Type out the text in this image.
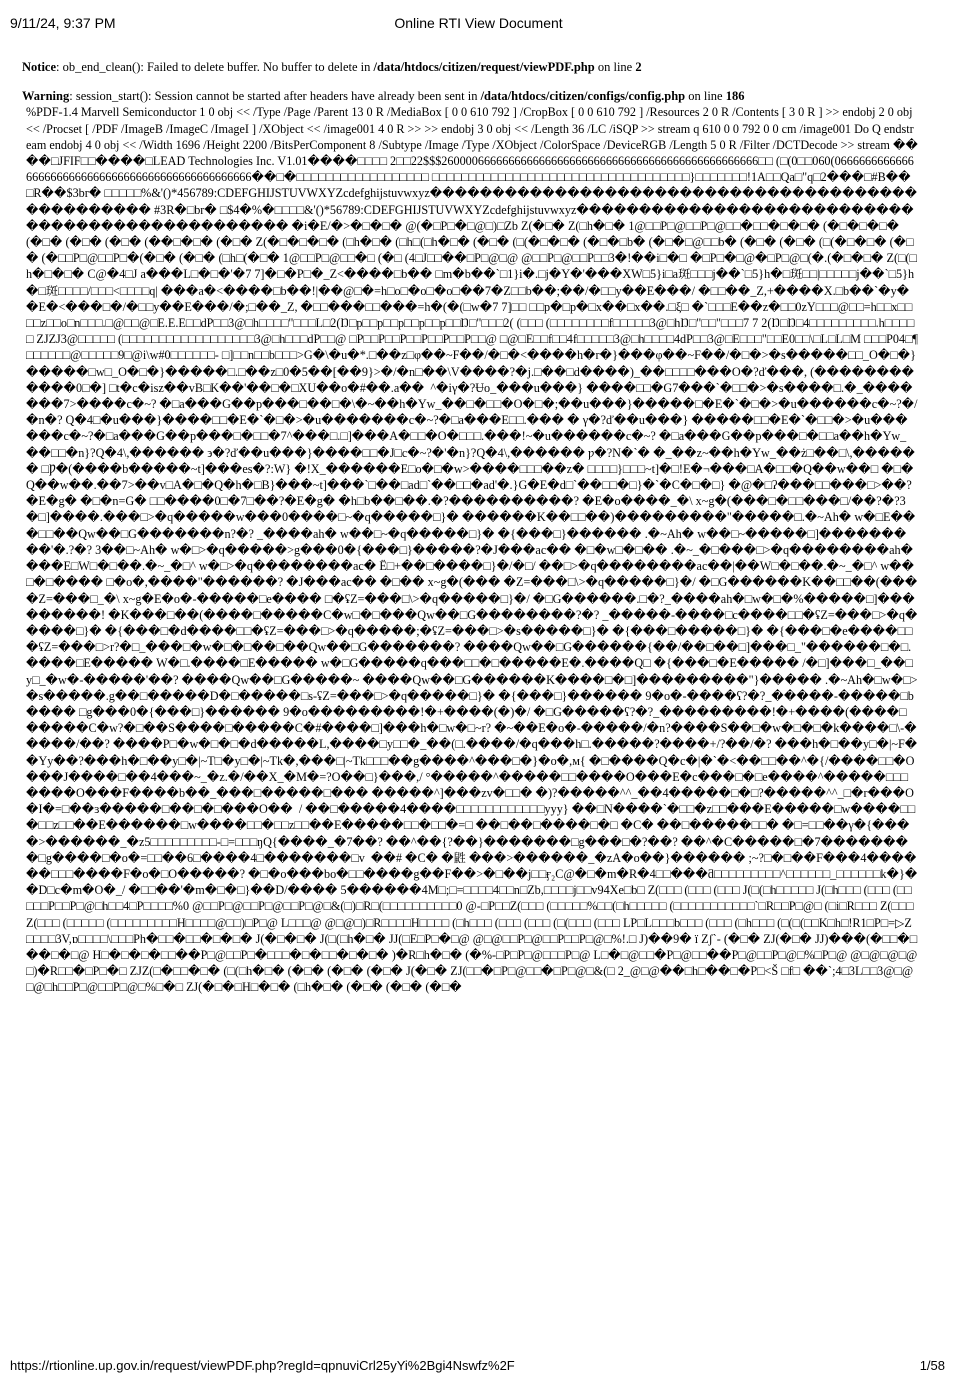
9/11/24, 9:37 PM	Online RTI View Document

Notice: ob_end_clean(): Failed to delete buffer. No buffer to delete in /data/htdocs/citizen/request/viewPDF.php on line 2

Warning: session_start(): Session cannot be started after headers have already been sent in /data/htdocs/citizen/configs/config.php on line 186

%PDF-1.4 Marvell Semiconductor 1 0 obj << /Type /Page /Parent 13 0 R /MediaBox [ 0 0 610 792 ] /CropBox [ 0 0 610 792 ] /Resources 2 0 R /Contents [ 3 0 R ] >> endobj 2 0 obj << /Procset [ /PDF /ImageB /ImageC /ImageI ] /XObject << /image001 4 0 R >> >> endobj 3 0 obj << /Length 36 /LC /iSQP >> stream q 610 0 0 792 0 0 cm /image001 Do Q endstream endobj 4 0 obj << /Width 1696 /Height 2200 /BitsPerComponent 8 /Subtype /Image /Type /XObject /ColorSpace /DeviceRGB /Length 5 0 R /Filter /DCTDecode >> stream ����□JFIF□□����□LEAD Technologies Inc. V1.01����□□□□ 2□□22$$$2600006666666666666666666666666666666666666666666666□□ (□(0□□060(06666666666666666666666666666666666666666666666666��□�□□□□□□□□□□□□□□□□□□ □□□□□□□□□□□□□□□□□□□□□□□□□□□□□□□□□□□}□□□□□□□!1A□□Qa□"q□2���□#B��□R��$3br� □□□□□%&'()*456789:CDEFGHIJSTUVWXYZcdefghijstuvwxyz������������������������������������������������� #3R�□br� □$4�%�□□□□&'()*56789:CDEFGHIJSTUVWXYZcdefghijstuvwxyz������������������������������������������������ �i�E/�>�□�□� @(�□P□�□@□)□Zb Z(�□� Z(□h�□� 1@□□P□@□□P□@□□�□□�□�□� (�□�□�□� (�□� (�□� (�□� (��□�□� (�□� Z(�□�□�□� (□h�□� (□h□(□h�□� (�□� (□(�□�□� (�□�□b� (�□�□@□□b� (�□� (�□� (□(�□�□� (�□� (�□□P□@□□P□�(�□� (�□� (□h□(�□� 1@□□P□@□□�□ (�□ (4□J□□��□P□@□@ @□□P□@□□P□□3�!��i□�□ �□P□�□@�□P□@□(�.(�□�□� Z(□(□h�□�□� C@�4□J a���L□�□�'�7 7]�□�P□�_Z<����□b�� □m�b��`□1}i�.□j�Y�'���XW□5}i□a斑□□□j��`□5}h�□斑□□|□□□□□j��`□5}h�□斑□□□□/□□□<□□□□q| ���a�<����□b��!|��@□�=h□o□�o□�o□��7�Z□□b��;��/�□□y��E���/ �□□��_Z,+����X.□b��`�y��E�<���□�/�□□y��E���/�;□��_Z, �□□���□□���=h�(�(□w�7 7]□□ □□p�□p�□x��□x��.□ξ□ �`□□□E��z�□□0zY□□□@□□=h□□x□□□□z□□o□n□□□.□@□□@□E.E.E□□dP□□3@□h□□□□"□□□L□2(Ŋ□p□□p□□p□□p□□p□□Ŋ□"□□□2( (□□□ (□□□□□□□□f□□□□□3@□hŊ□"□□"□□□7 7 2(Ŋ□Ŋ□4□□□□□□□□□.h□□□□□ ZJZJ3@□□□□□ (□□□□□□□□□□□□□□□□□□3@□h□□□dP□□@ □P□□P□□P□□P□□P□□P□□@ □@□E□□f□□4f□□□□□3@□h□□□□4dP□□3@□E□□□"□□E0□□\□L□L□M □□□P04□¶□□□□□□@□□□□□9□@i\w#0□□□□□□- □]□□n□□b□□□>G�\�u�*.□��z□φ��~F��/�□�<����h�r�}���φ��~F��/�□�>�s�����□□_O�□�} �����□w□_O�□�}�����□.□��z□0�5��[��9}>�/�n□��\V����?�j.□��□d����)_��□□□□���O�?ď���, (������������0□�] □t�c�isz��vB□K��'��□�□XU��o�#��.a��  ^�iγ�?Ʉo_���u���} ����□□�G7���`�□□�>�s����□.�_�������7>����c�~? �□a���G��p���□��□�\�~��h�Yw_��□�□□�O�□�;��u���}�����□�E�`�□�>�u������c�~?�/�n�? Q�4□�u���}����□□�E�`�□�>�u�������c�~?�□a���E□□.��� � γ�?ď��u���} �����□□�E�`�□□�>�u������c�~?�□a���G��p���□�□□�7^���□.□]���A�□□�O�□□□.���!~�u������c�~? �□a���G��p���□�□□a��h�Yw_��□□�n}?Q�4\,������ ϶�?ď��u���}����□□�J□c�~?�'�n}?Q�4\,������ ƿ�?N�`� �_��z~��h�Yw_��ż□��□\,������ □Ƿ�(����b�����~t]���es�?:W} �!X_������E□o�□�w>����□□□��z� □□□□}□□□~t]�□!E�¬���□A�□□�Q��w��□ �□�Q��w��.��7>��v□A�□�Q�h�□B}���~t]���`□��□ad□`��□□�ad'�.}G�E�d□`��□□�□}�`�C�□�□} �@�□ʔ���□□���□>��?�E�g� �□�n=G� □□����0□�7□��?�E�g� �h□b��□��.�?����������? �E�o����_�\ x~g�(���□�□□���□/��?�?3�□]����.���□>�q�����w���0����□~�q�����□}� ������K��□□��)���������"�����□.�~Ah� w�□E���□□��Qw��□G�������n?�? _����ah� w��□~�q�����□}� �{���□}������ .�~Ah� w��□~�����□]���������'�.?�? 3��□~Ah� w�□>�q�����>g���0�{���□}�����?�J���ac�� �□�w□�□�� .�~_�□���□>�q��������ah����E□W□�□��.�~_�□^ w�□>�q��������ac� Ë□+��□����□}�/�□/ ��□>�q��������ac��|��W□�□��.�~_�□^ w��□�□���� □�o�,����"������? �J���ac�� �□�� x~g�(��� �Z=���□\>�q�����□}�/ �□G������K��□□��(��� �Z=���□_�\ x~g�E�o�-�����□e���� □�ʢZ=���□\>�q�����□}�/ �□G������.□�?_����ah�□w�□�%�����□]���������! �K���□��(����□�����C�w□�□���Qw��□G��������?�? _�����-����□c����□□�ʢZ=���□>�q�����□}� �{���□�d����□□�ʢZ=���□>�q�����;�ʢZ=���□>�s�����□}� �{���□�����□}� �{���□�e����□□�ʢZ=���□>r?�□_���□�w�□�□��□��Qw��□G�������? ����Qw��□G������{��/��□��□]���□_"������□�□.����□E����� W�□.����□E����� w�□G�����q���□□�□�����E�.����Q□ �{���□�E����� /�□]���□_��□y□_�w�-�����'��? ����Qw��□G�����~ ����Qw��□G������K����□�□]���������"}����� .�~Ah�□w�□>�s�����.g��□�����D�□�����□s-ʢZ=���□>�q�����□}� �{���□}������ 9�o�-����ʕ?�?_�����-�����□b���� □g���0�{���□}������ 9�o���������!�+����(�)�/ �□G�����ʕ?�?_���������!�+����(����□�����C�w?�□��S����□�����C�#����□]���h�□w�□~r? �~��E�o�-�����/�n?����S��□�w�□�□�k����□\-�����/��? ����P□�w�□�□�d�����L,����□y□□�_��(□.����/�q���h□.�����?����+/?��/�? ���h�□��y□�|~F��Yy��?���h�□��y□�|~T□�y□�|~Tk�,���□|~Tk□□□��g����^���□�}�o�,м{ �□����Q�c�|�`�<��□□��^�{/����□□�O���J����□��4���~_�z.�/��X_�M�=?O��□}���,/ °�����^�����□□����O���E�c���□�□e����^�����□□□����O���F����b��_���□�����□��� �����^]���zv�□□� �)?�����^^_��4�����□�□?�����^^_□�r���O�I�=□��ɜ�����□��□�□���O��  / ��□�����4����□□□□□□□□□□□□yyy} ��□N����`�□□�z□□���E�����□w����□□�□□z□□��E������□w����□□�□□z□□��E�����□□�□□�=□ ��□��□����□�□ �C� ��□�����□□� �□=□□��γ�{����>������_�z5□□□□□□□□□-□=□□□ŋQ{����_�7��? ��^��{?��}�������□g���□�?��? ��^�C�����□�7��������□g����□�o�=□□��6□����4□�������□v  ��# �C� �鼪 ���>������_�zA�o��}������ ;~?□�□��F���4������□□□����F�o�□O�����? �□�o���bo�□□����g��F��>�□��j□□ӻ₂C@�□�m�R�4□□���ƌ□□□□□□□□□^□□□□□□_□□□□□□k�}��D□c�m�O�_/ �□□��'�m�□�□}��D/���� 5������4M□;□=□□□□4□□n□Zb,□□□□j□□v94Xe□b□ Z(□□□ (□□□ (□□□ J(□(□h□□□□□ J(□h□□□ (□□□ (□□□□□P□□P□@□h□□4□P□□□□%0 @□□P□@□□P□@□□P□@□&(□)□R□(□□□□□□□□□□0 @-□P□□Z(□□□ (□□□□□%□□(□h□□□□□ (□□□□□□□□□□□`□R□□P□@□ (□i□R□□□ Z(□□□ Z(□□□ (□□□□□ (□□□□□□□□□H□□□□@□□)□P□@ L□□□@ @□@□)□R□□□□H□□□□ (□h□□□ (□□□ (□□□ (□(□□□ (□□□ LP□L□□□b□□□ (□□□ (□h□□□ (□(□(□□K□h□!R1□P□=▷Z□□□□3V,ɒ□□□□\□□□Ph�□□�□□�□�□� J(�□�□� J(□(□h�□� JJ(□E□P□�□@ @□@□□P□@□□P□□P□@□%!.□ J)��9� ї Zʃ`- (�□� ZJ(�□� JJ)���(�□□�□��□�□@ H□�□�□�□□��P□@□□P□�□□□�□�□□�□�□� )�R□h�□� (�%-□P□P□@□□□P□@ L□�□@□□�P□@□□��P□@□□P□@□%□P□@ @□@□@□@□)�R□□�□P□�□ ZJZ(□�□□�□� (□(□h�□� (�□� (�□� (�□� J(�□� ZJ(□□�□P□@□□�□P□@□&(□ 2_@□@��□h□��□�P□<Š □f□ ��`;4□3L□□3@□@□@□h□□P□@□□P□@□%□�□ ZJ(�□�□H□�□� (□h�□� (�□� (�□� (�□�
https://rtionline.up.gov.in/request/viewPDF.php?regId=qpnuviCrl25yYi%2Bgi4Nswfz%2F	1/58
